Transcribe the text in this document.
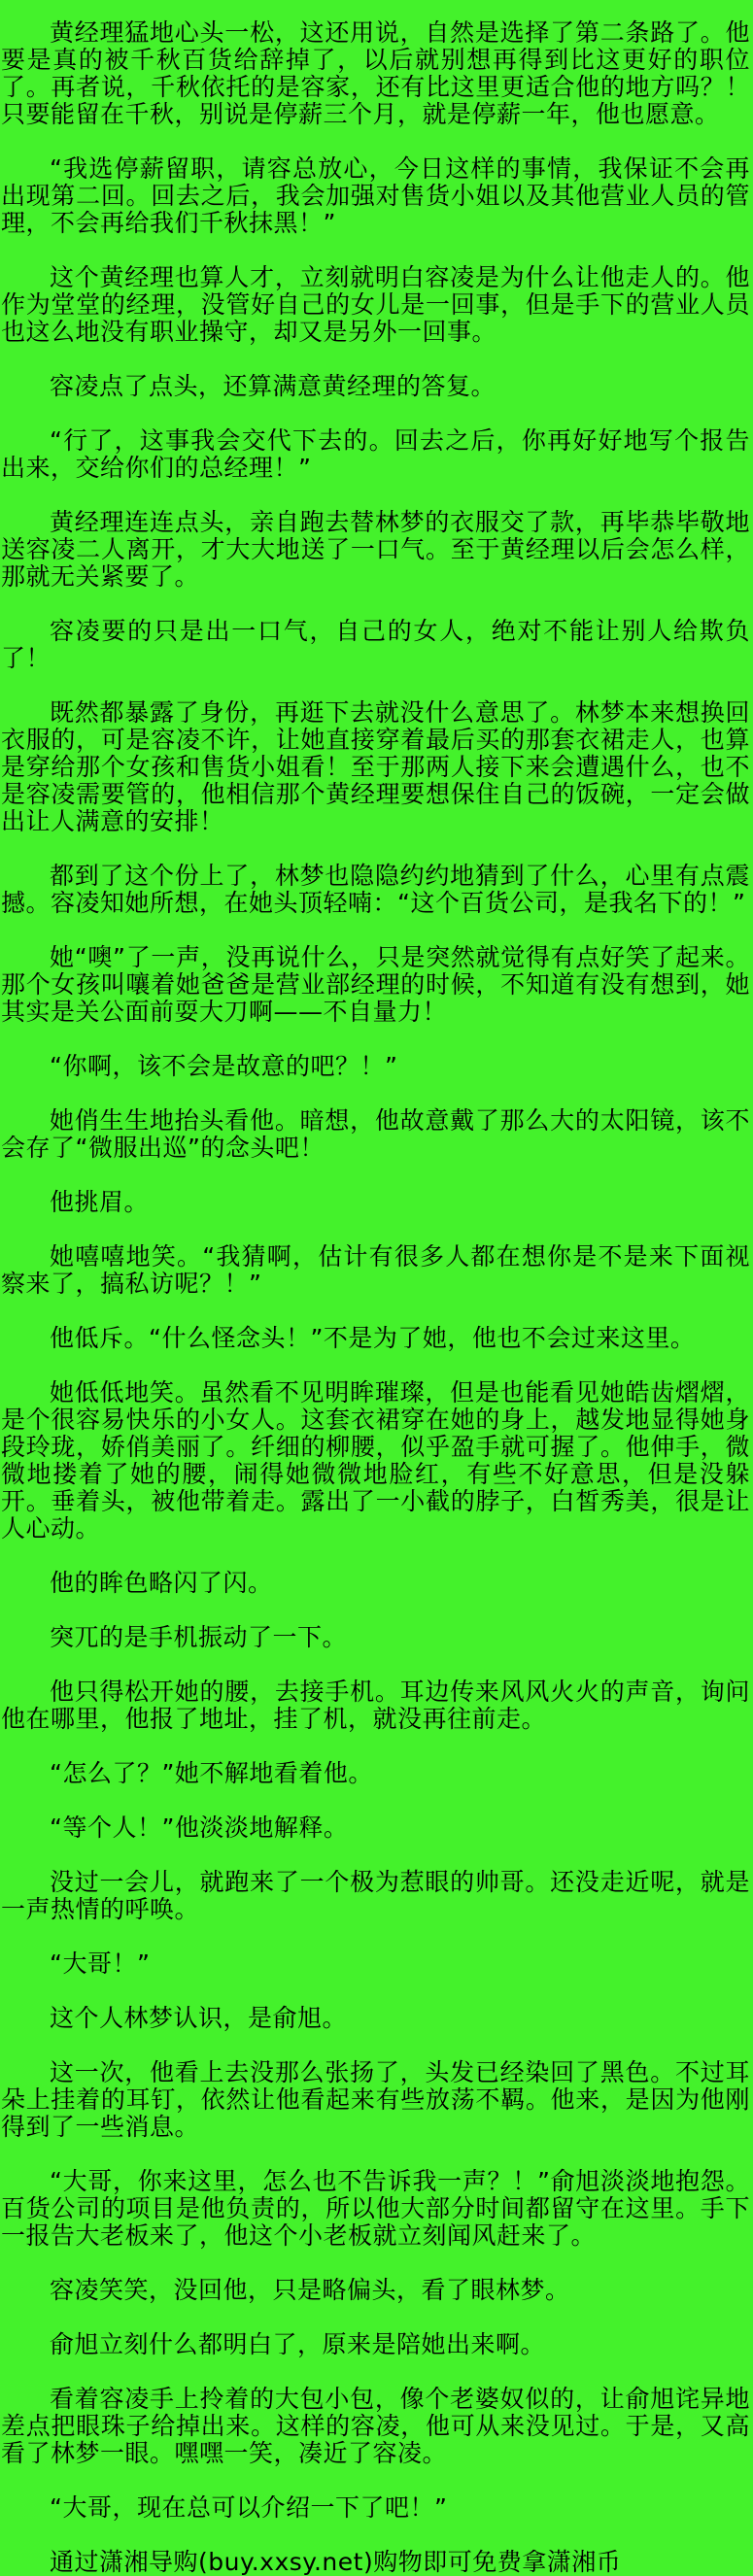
黄经理猛地心头一松，这还用说，自然是选择了第二条路了。他要是真的被千秋百货给辞掉了，以后就别想再得到比这更好的职位了。再者说，千秋依托的是容家，还有比这里更适合他的地方吗？！只要能留在千秋，别说是停薪三个月，就是停薪一年，他也愿意。

“我选停薪留职，请容总放心，今日这样的事情，我保证不会再出现第二回。回去之后，我会加强对售货小姐以及其他营业人员的管理，不会再给我们千秋抹黑！”

这个黄经理也算人才，立刻就明白容凌是为什么让他走人的。他作为堂堂的经理，没管好自己的女儿是一回事，但是手下的营业人员也这么地没有职业操守，却又是另外一回事。

容凌点了点头，还算满意黄经理的答复。

“行了，这事我会交代下去的。回去之后，你再好好地写个报告出来，交给你们的总经理！”

黄经理连连点头，亲自跑去替林梦的衣服交了款，再毕恭毕敬地送容凌二人离开，才大大地送了一口气。至于黄经理以后会怎么样，那就无关紧要了。

容凌要的只是出一口气，自己的女人，绝对不能让别人给欺负了！

既然都暴露了身份，再逛下去就没什么意思了。林梦本来想换回衣服的，可是容凌不许，让她直接穿着最后买的那套衣裙走人，也算是穿给那个女孩和售货小姐看！至于那两人接下来会遭遇什么，也不是容凌需要管的，他相信那个黄经理要想保住自己的饭碗，一定会做出让人满意的安排！

都到了这个份上了，林梦也隐隐约约地猜到了什么，心里有点震撼。容凌知她所想，在她头顶轻喃：“这个百货公司，是我名下的！”

她“噢”了一声，没再说什么，只是突然就觉得有点好笑了起来。那个女孩叫嚷着她爸爸是营业部经理的时候，不知道有没有想到，她其实是关公面前耍大刀啊——不自量力！

“你啊，该不会是故意的吧？！”

她俏生生地抬头看他。暗想，他故意戴了那么大的太阳镜，该不会存了“微服出巡”的念头吧！

他挑眉。

她嘻嘻地笑。“我猜啊，估计有很多人都在想你是不是来下面视察来了，搞私访呢？！”

他低斥。“什么怪念头！”不是为了她，他也不会过来这里。

她低低地笑。虽然看不见明眸璀璨，但是也能看见她皓齿熠熠，是个很容易快乐的小女人。这套衣裙穿在她的身上，越发地显得她身段玲珑，娇俏美丽了。纤细的柳腰，似乎盈手就可握了。他伸手，微微地搂着了她的腰，闹得她微微地脸红，有些不好意思，但是没躲开。垂着头，被他带着走。露出了一小截的脖子，白皙秀美，很是让人心动。

他的眸色略闪了闪。

突兀的是手机振动了一下。

他只得松开她的腰，去接手机。耳边传来风风火火的声音，询问他在哪里，他报了地址，挂了机，就没再往前走。

“怎么了？”她不解地看着他。

“等个人！”他淡淡地解释。

没过一会儿，就跑来了一个极为惹眼的帅哥。还没走近呢，就是一声热情的呼唤。

“大哥！”

这个人林梦认识，是俞旭。

这一次，他看上去没那么张扬了，头发已经染回了黑色。不过耳朵上挂着的耳钉，依然让他看起来有些放荡不羁。他来，是因为他刚得到了一些消息。

“大哥，你来这里，怎么也不告诉我一声？！”俞旭淡淡地抱怨。百货公司的项目是他负责的，所以他大部分时间都留守在这里。手下一报告大老板来了，他这个小老板就立刻闻风赶来了。

容凌笑笑，没回他，只是略偏头，看了眼林梦。

俞旭立刻什么都明白了，原来是陪她出来啊。

看着容凌手上拎着的大包小包，像个老婆奴似的，让俞旭诧异地差点把眼珠子给掉出来。这样的容凌，他可从来没见过。于是，又高看了林梦一眼。嘿嘿一笑，凑近了容凌。

“大哥，现在总可以介绍一下了吧！”

通过潇湘导购(buy.xxsy.net)购物即可免费拿潇湘币
